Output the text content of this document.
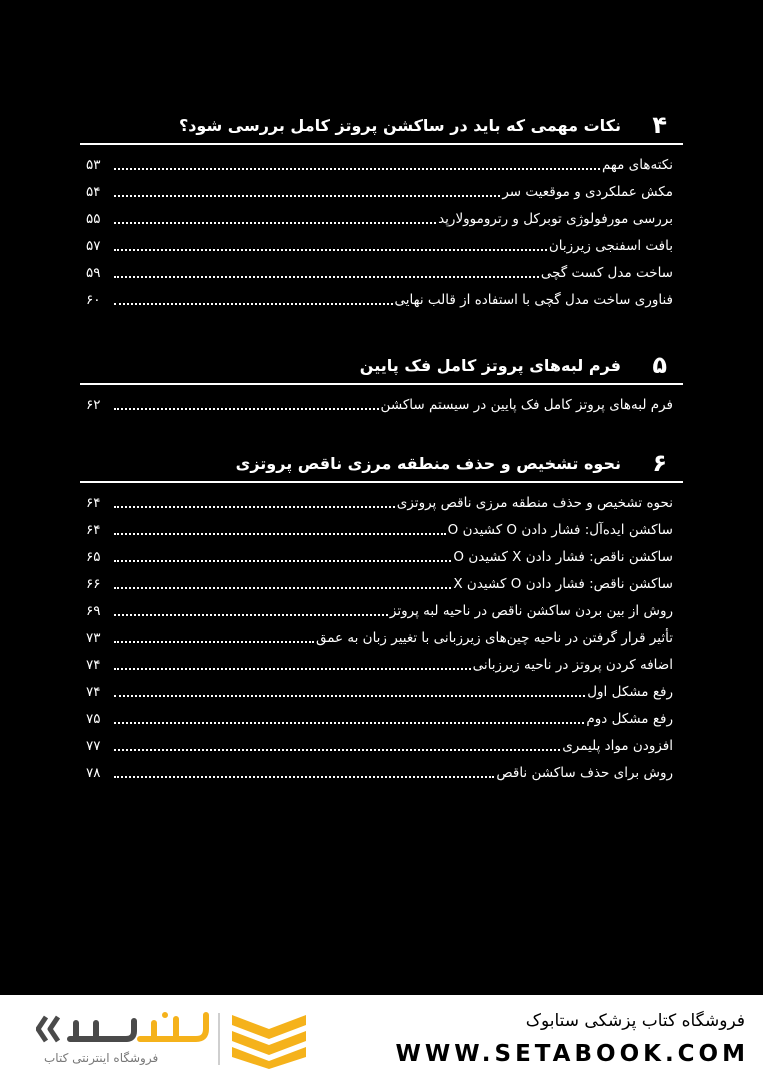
۴
نکات مهمی که باید در ساکشن پروتز کامل بررسی شود؟
نکته‌های مهم
۵۳
مکش عملکردی و موقعیت سر
۵۴
بررسی مورفولوژی توبرکل و رتروموولارپد
۵۵
بافت اسفنجی زیرزبان
۵۷
ساخت مدل کست گچی
۵۹
فناوری ساخت مدل گچی با استفاده از قالب نهایی
۶۰
۵
فرم لبه‌های پروتز کامل فک پایین
فرم لبه‌های پروتز کامل فک پایین در سیستم ساکشن
۶۲
۶
نحوه تشخیص و حذف منطقه مرزی ناقص پروتزی
نحوه تشخیص و حذف منطقه مرزی ناقص پروتزی
۶۴
ساکشن ایده‌آل: فشار دادن O کشیدن O
۶۴
ساکشن ناقص: فشار دادن X کشیدن O
۶۵
ساکشن ناقص: فشار دادن O کشیدن X
۶۶
روش از بین بردن ساکشن ناقص در ناحیه لبه پروتز
۶۹
تأثیر قرار گرفتن در ناحیه چین‌های زیرزبانی با تغییر زبان به عمق
۷۳
اضافه کردن پروتز در ناحیه زیرزبانی
۷۴
رفع مشکل اول
۷۴
رفع مشکل دوم
۷۵
افزودن مواد پلیمری
۷۷
روش برای حذف ساکشن ناقص
۷۸
فروشگاه اینترنتی کتاب
فروشگاه کتاب پزشکی ستابوک
WWW.SETABOOK.COM
